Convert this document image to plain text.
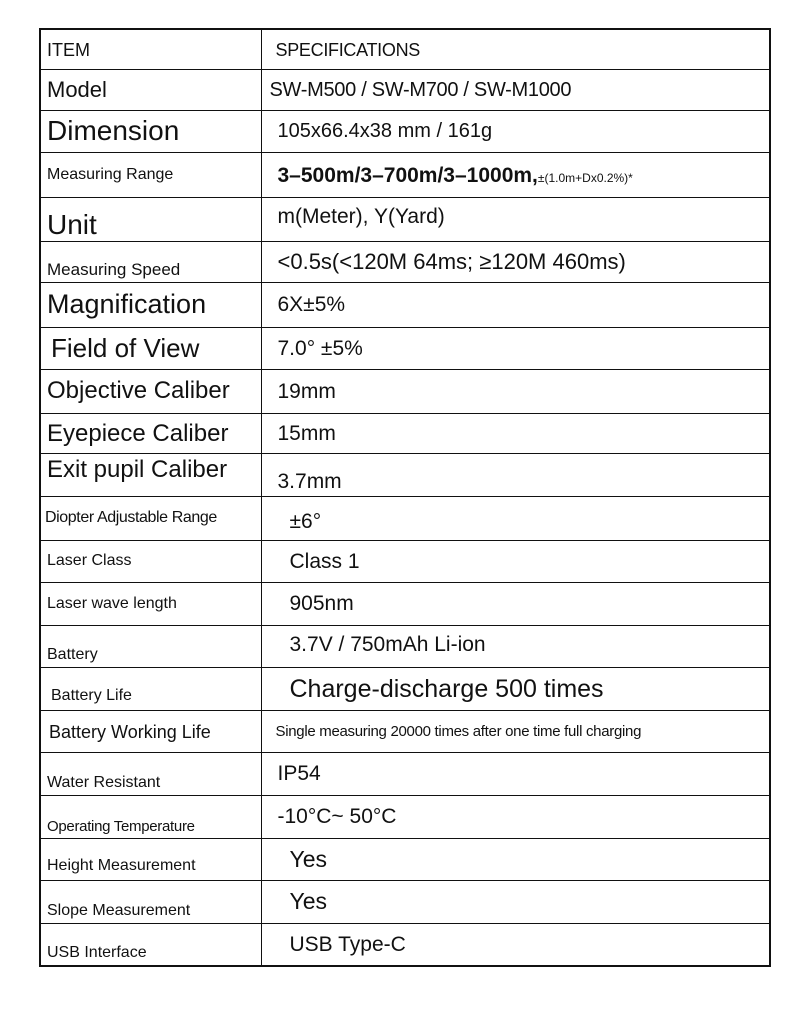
ITEM	SPECIFICATIONS
Model	SW-M500 / SW-M700 / SW-M1000
Dimension	105x66.4x38 mm / 161g
Measuring Range	3–500m/3–700m/3–1000m,±(1.0m+Dx0.2%)*
Unit	m(Meter), Y(Yard)
Measuring Speed	<0.5s(<120M 64ms; ≥120M 460ms)
Magnification	6X±5%
Field of View	7.0° ±5%
Objective Caliber	19mm
Eyepiece Caliber	15mm
Exit pupil Caliber	3.7mm
Diopter Adjustable Range	±6°
Laser Class	Class 1
Laser wave length	905nm
Battery	3.7V / 750mAh Li-ion
Battery Life	Charge-discharge 500 times
Battery Working Life	Single measuring 20000 times after one time full charging
Water Resistant	IP54
Operating Temperature	-10°C~ 50°C
Height Measurement	Yes
Slope Measurement	Yes
USB Interface	USB Type-C
